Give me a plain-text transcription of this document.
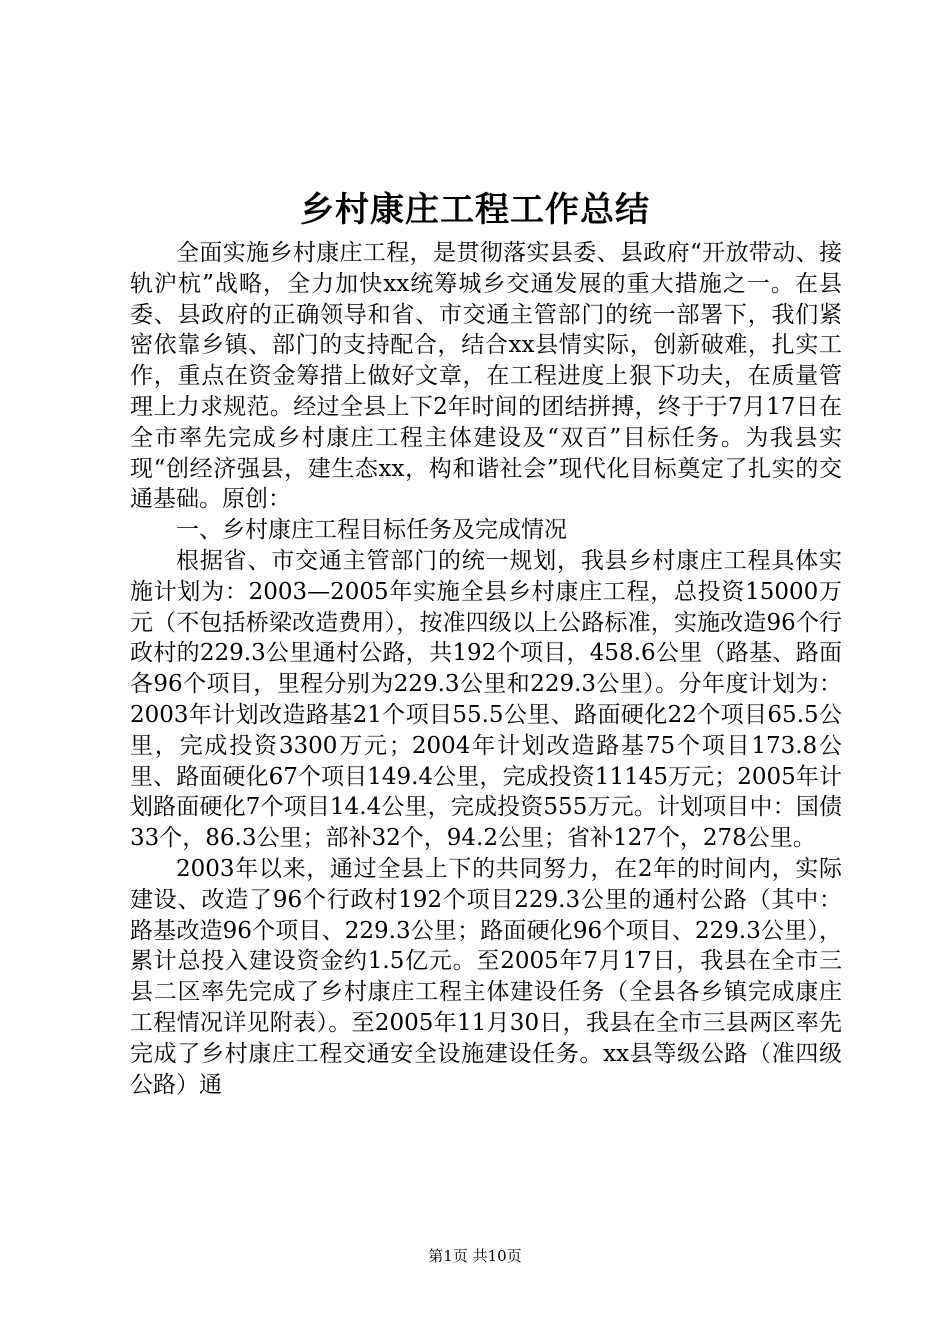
乡村康庄工程工作总结

全面实施乡村康庄工程，是贯彻落实县委、县政府“开放带动、接轨沪杭”战略，全力加快xx统筹城乡交通发展的重大措施之一。在县委、县政府的正确领导和省、市交通主管部门的统一部署下，我们紧密依靠乡镇、部门的支持配合，结合xx县情实际，创新破难，扎实工作，重点在资金筹措上做好文章，在工程进度上狠下功夫，在质量管理上力求规范。经过全县上下2年时间的团结拼搏，终于于7月17日在全市率先完成乡村康庄工程主体建设及“双百”目标任务。为我县实现“创经济强县，建生态xx，构和谐社会”现代化目标奠定了扎实的交通基础。原创：

一、乡村康庄工程目标任务及完成情况

根据省、市交通主管部门的统一规划，我县乡村康庄工程具体实施计划为：2003—2005年实施全县乡村康庄工程，总投资15000万元（不包括桥梁改造费用），按准四级以上公路标准，实施改造96个行政村的229.3公里通村公路，共192个项目，458.6公里（路基、路面各96个项目，里程分别为229.3公里和229.3公里）。分年度计划为：2003年计划改造路基21个项目55.5公里、路面硬化22个项目65.5公里，完成投资3300万元；2004年计划改造路基75个项目173.8公里、路面硬化67个项目149.4公里，完成投资11145万元；2005年计划路面硬化7个项目14.4公里，完成投资555万元。计划项目中：国债33个，86.3公里；部补32个，94.2公里；省补127个，278公里。

2003年以来，通过全县上下的共同努力，在2年的时间内，实际建设、改造了96个行政村192个项目229.3公里的通村公路（其中：路基改造96个项目、229.3公里；路面硬化96个项目、229.3公里），累计总投入建设资金约1.5亿元。至2005年7月17日，我县在全市三县二区率先完成了乡村康庄工程主体建设任务（全县各乡镇完成康庄工程情况详见附表）。至2005年11月30日，我县在全市三县两区率先完成了乡村康庄工程交通安全设施建设任务。xx县等级公路（准四级公路）通

第1页 共10页
